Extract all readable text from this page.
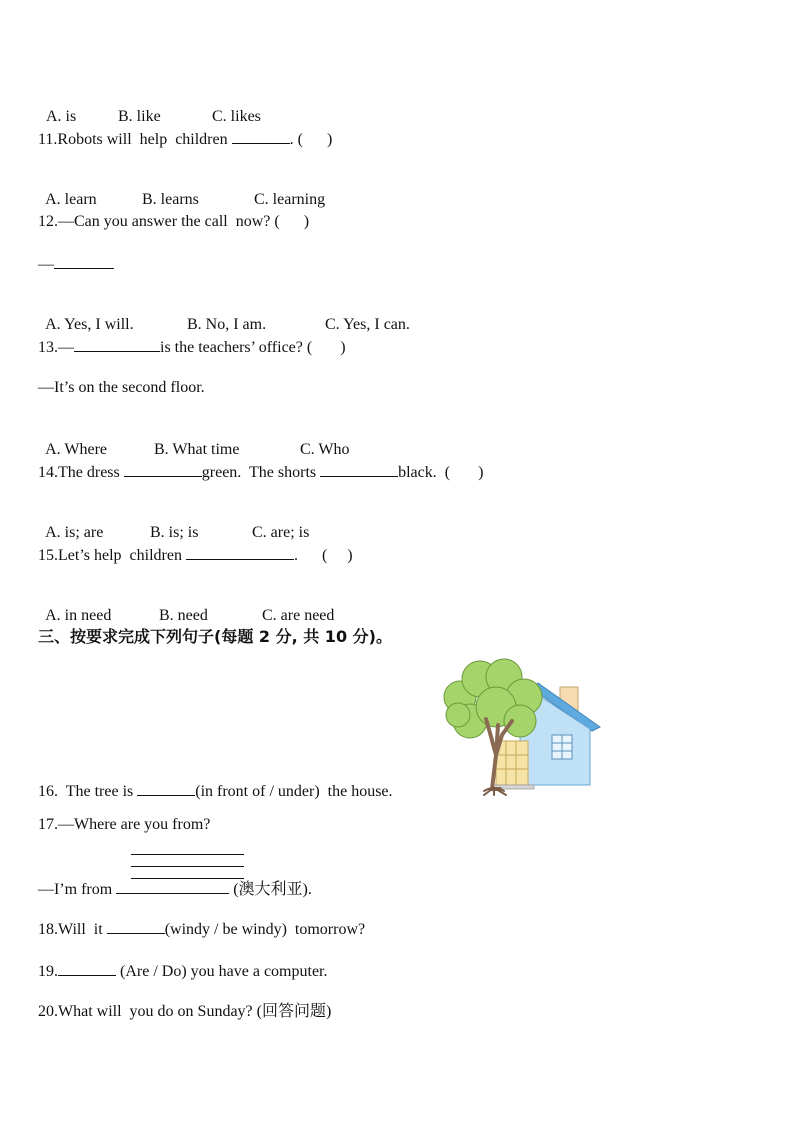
A. is	B. like	C. likes

11.Robots will  help  children	. (      )

A. learn	B. learns	C. learning

12.—Can you answer the call  now? (      )
—

A. Yes, I will.	B. No, I am.	C. Yes, I can.

13.—	is the teachers’ office? (       )
—It’s on the second floor.

A. Where	B. What time	C. Who

14.The dress	green.  The shorts	black.  (       )

A. is; are	B. is; is	C. are; is

15.Let’s help  children	.      (     )

A. in need	B. need	C. are need

三、按要求完成下列句子(每题 2 分, 共 10 分)。
16.  The tree is	(in front of / under)  the house.
17.—Where are you from?
—I’m from	(澳大利亚).
18.Will  it	(windy / be windy)  tomorrow?
19.	(Are / Do) you have a computer.
20.What will  you do on Sunday? (回答问题)
